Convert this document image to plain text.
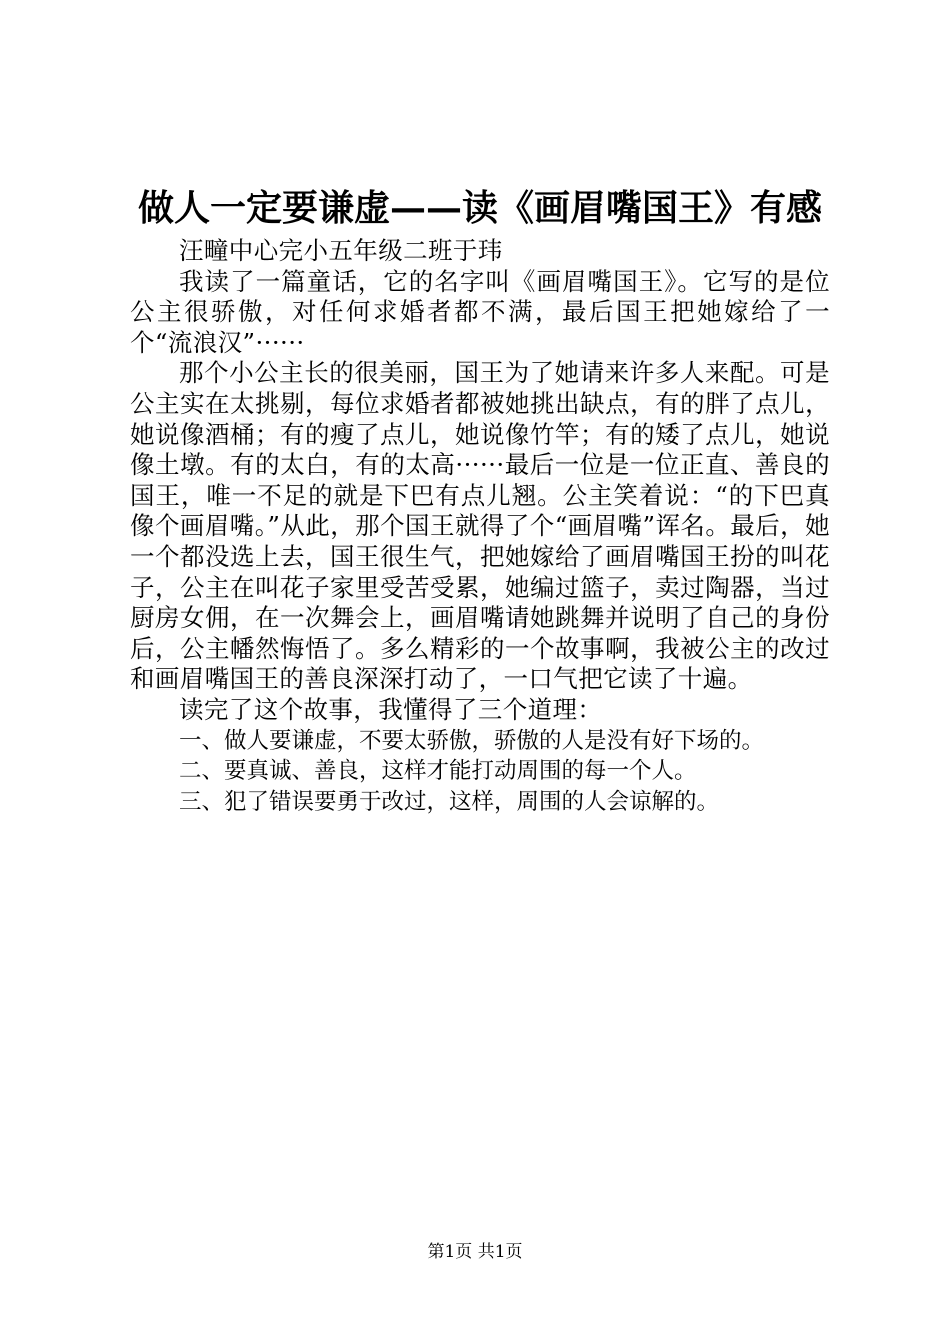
做人一定要谦虚——读《画眉嘴国王》有感

汪疃中心完小五年级二班于玮

我读了一篇童话，它的名字叫《画眉嘴国王》。它写的是位公主很骄傲，对任何求婚者都不满，最后国王把她嫁给了一个“流浪汉”······

那个小公主长的很美丽，国王为了她请来许多人来配。可是公主实在太挑剔，每位求婚者都被她挑出缺点，有的胖了点儿，她说像酒桶；有的瘦了点儿，她说像竹竿；有的矮了点儿，她说像土墩。有的太白，有的太高······最后一位是一位正直、善良的国王，唯一不足的就是下巴有点儿翘。公主笑着说：“的下巴真像个画眉嘴。”从此，那个国王就得了个“画眉嘴”诨名。最后，她一个都没选上去，国王很生气，把她嫁给了画眉嘴国王扮的叫花子，公主在叫花子家里受苦受累，她编过篮子，卖过陶器，当过厨房女佣，在一次舞会上，画眉嘴请她跳舞并说明了自己的身份后，公主幡然悔悟了。多么精彩的一个故事啊，我被公主的改过和画眉嘴国王的善良深深打动了，一口气把它读了十遍。

读完了这个故事，我懂得了三个道理：

一、做人要谦虚，不要太骄傲，骄傲的人是没有好下场的。

二、要真诚、善良，这样才能打动周围的每一个人。

三、犯了错误要勇于改过，这样，周围的人会谅解的。

第1页 共1页
